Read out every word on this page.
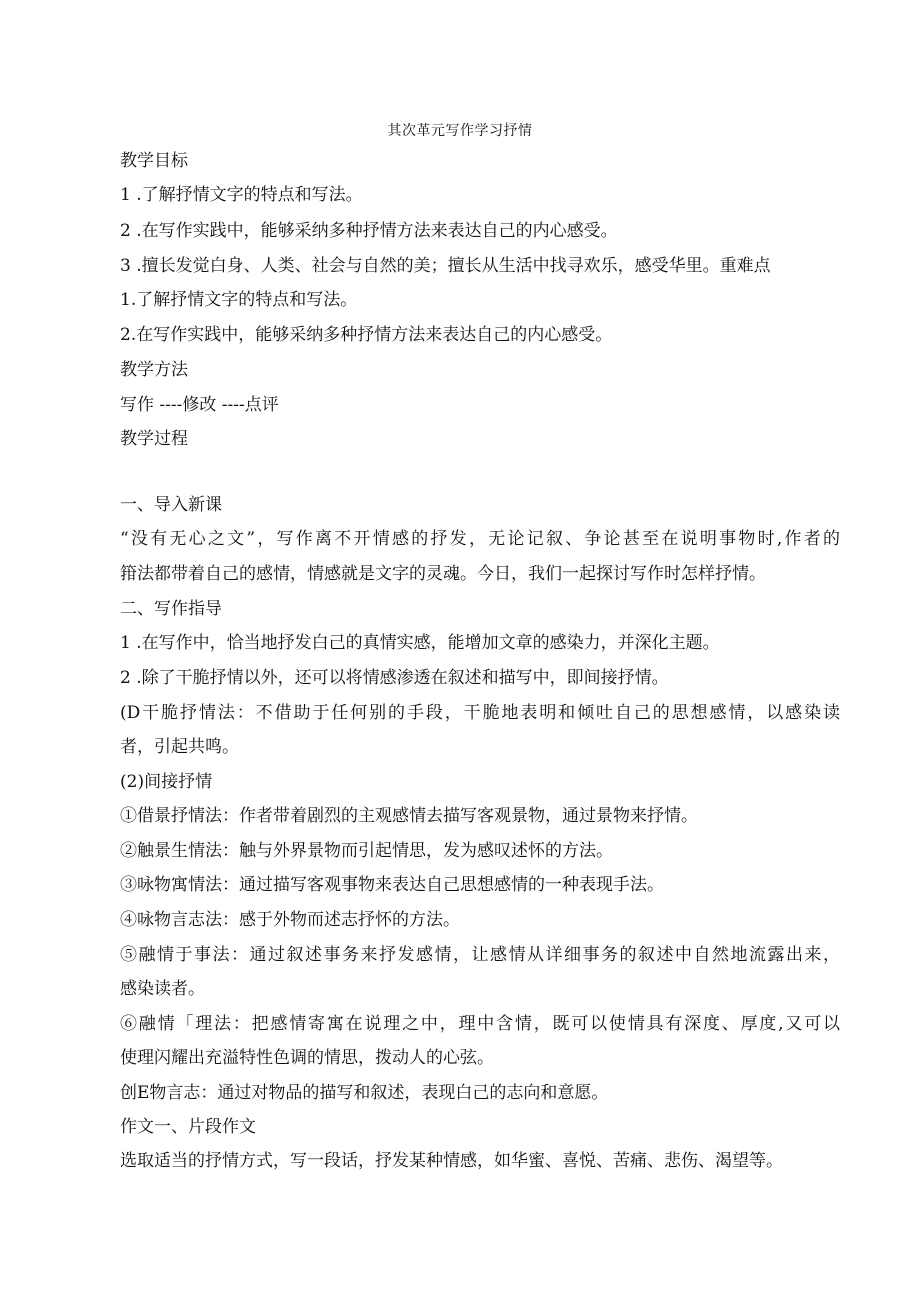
其次革元写作学习抒情
教学目标
1 .了解抒情文字的特点和写法。
2 .在写作实践中，能够采纳多种抒情方法来表达自己的内心感受。
3 .擅长发觉白身、人类、社会与自然的美；擅长从生活中找寻欢乐，感受华里。重难点
1.了解抒情文字的特点和写法。
2.在写作实践中，能够采纳多种抒情方法来表达自己的内心感受。
教学方法
写作 ----修改 ----点评
教学过程
一、导入新课
“没有无心之文”，写作离不开情感的抒发，无论记叙、争论甚至在说明事物时,作者的
箝法都带着自己的感情，情感就是文字的灵魂。今日，我们一起探讨写作时怎样抒情。
二、写作指导
1 .在写作中，恰当地抒发白己的真情实感，能增加文章的感染力，并深化主题。
2 .除了干脆抒情以外，还可以将情感渗透在叙述和描写中，即间接抒情。
(D干脆抒情法：不借助于任何别的手段，干脆地表明和倾吐自己的思想感情，以感染读
者，引起共鸣。
(2)间接抒情
①借景抒情法：作者带着剧烈的主观感情去描写客观景物，通过景物来抒情。
②触景生情法：触与外界景物而引起情思，发为感叹述怀的方法。
③咏物寓情法：通过描写客观事物来表达自己思想感情的一种表现手法。
④咏物言志法：感于外物而述志抒怀的方法。
⑤融情于事法：通过叙述事务来抒发感情，让感情从详细事务的叙述中自然地流露出来，
感染读者。
⑥融情「理法：把感情寄寓在说理之中，理中含情，既可以使情具有深度、厚度,又可以
使理闪耀出充溢特性色调的情思，拨动人的心弦。
创E物言志：通过对物品的描写和叙述，表现白己的志向和意愿。
作文一、片段作文
选取适当的抒情方式，写一段话，抒发某种情感，如华蜜、喜悦、苦痛、悲伤、渴望等。
